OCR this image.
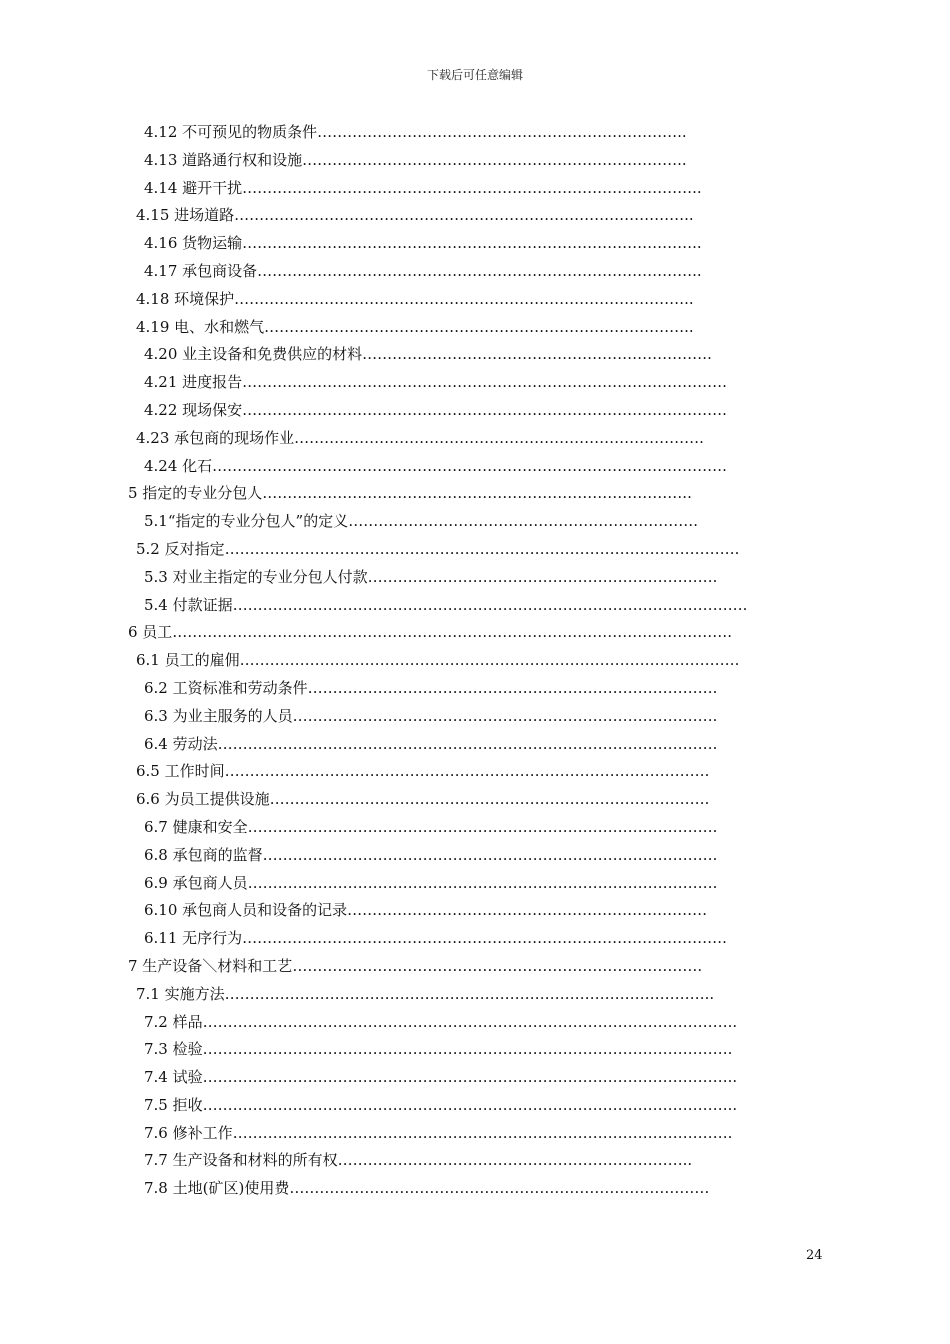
下载后可任意编辑
4.12 不可预见的物质条件………………………………………………………………..
4.13 道路通行权和设施…………………………………………………………………..
4.14 避开干扰………………………………………………………………………………..
4.15 进场道路………………………………………………………………………………..
4.16 货物运输………………………………………………………………………………..
4.17 承包商设备……………………………………………………………………………..
4.18 环境保护………………………………………………………………………………..
4.19 电、水和燃气…………………………………………………………………………..
4.20 业主设备和免费供应的材料…………………………………………………………….
4.21 进度报告…………………………………………………………………………………….
4.22 现场保安…………………………………………………………………………………….
4.23 承包商的现场作业……………………………………………………………………….
4.24 化石………………………………………………………………………………………….
5 指定的专业分包人…………………………………………………………………………..
5.1“指定的专业分包人”的定义…………………………………………………………….
5.2 反对指定………………………………………………………………………………………….
5.3 对业主指定的专业分包人付款…………………………………………………………….
5.4 付款证据………………………………………………………………………………………….
6 员工………………………………………………………………………………………………….
6.1 员工的雇佣……………………………………………………………………………………….
6.2 工资标准和劳动条件……………………………………………………………………….
6.3 为业主服务的人员………………………………………………………………………….
6.4 劳动法……………………………………………………………………………………….
6.5 工作时间…………………………………………………………………………………….
6.6 为员工提供设施…………………………………………………………………………….
6.7 健康和安全………………………………………………………………………………….
6.8 承包商的监督……………………………………………………………………………….
6.9 承包商人员………………………………………………………………………………….
6.10 承包商人员和设备的记录………………………………………………………………
6.11 无序行为…………………………………………………………………………………….
7 生产设备＼材料和工艺……………………………………………………………………….
7.1 实施方法……………………………………………………………………………………..
7.2 样品……………………………………………………………………………………………..
7.3 检验…………………………………………………………………………………………….
7.4 试验……………………………………………………………………………………………..
7.5 拒收……………………………………………………………………………………………..
7.6 修补工作……………………………………………………………………………………….
7.7 生产设备和材料的所有权……………………………………………………………..
7.8 土地(矿区)使用费…………………………………………………………………………
24
